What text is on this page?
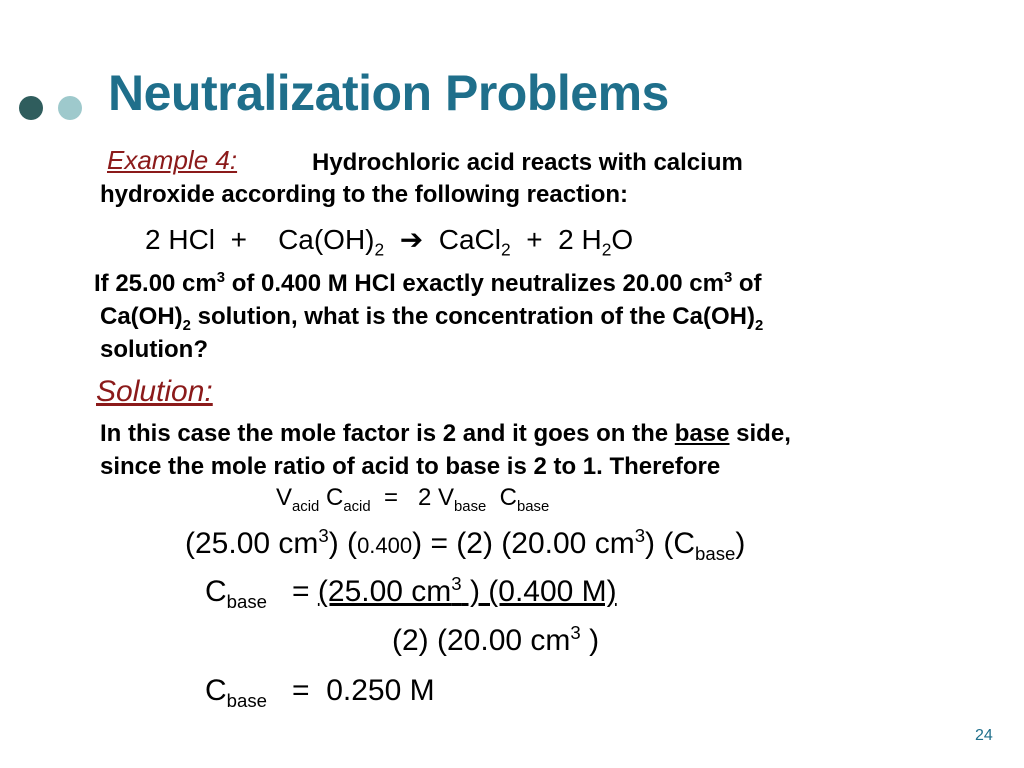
Neutralization Problems
Example 4:	Hydrochloric acid reacts with calcium
hydroxide according to the following reaction:
2 HCl + $Ca(OH)_2$ ➔ CaCl$_2$ + 2 $H_2O$
If 25.00 $cm^3$ of 0.400 M HCl exactly neutralizes 20.00 $cm^3$ of
$Ca(OH)_2$ solution, what is the concentration of the $Ca(OH)_2$
solution?
Solution:
In this case the mole factor is 2 and it goes on the base side,
since the mole ratio of acid to base is 2 to 1. Therefore
$V_{acid}$ $C_{acid} = 2$ $V_{base}$ $C_{base}$
(25.00 $cm^3$) (0.400) = (2) (20.00 $cm^3$) $(C_{base})$
$C_{base} = (25.00$ $cm^3$ ) (0.400 M)
(2) (20.00 $cm^3$ )
$C_{base} = 0.250$ M
24
